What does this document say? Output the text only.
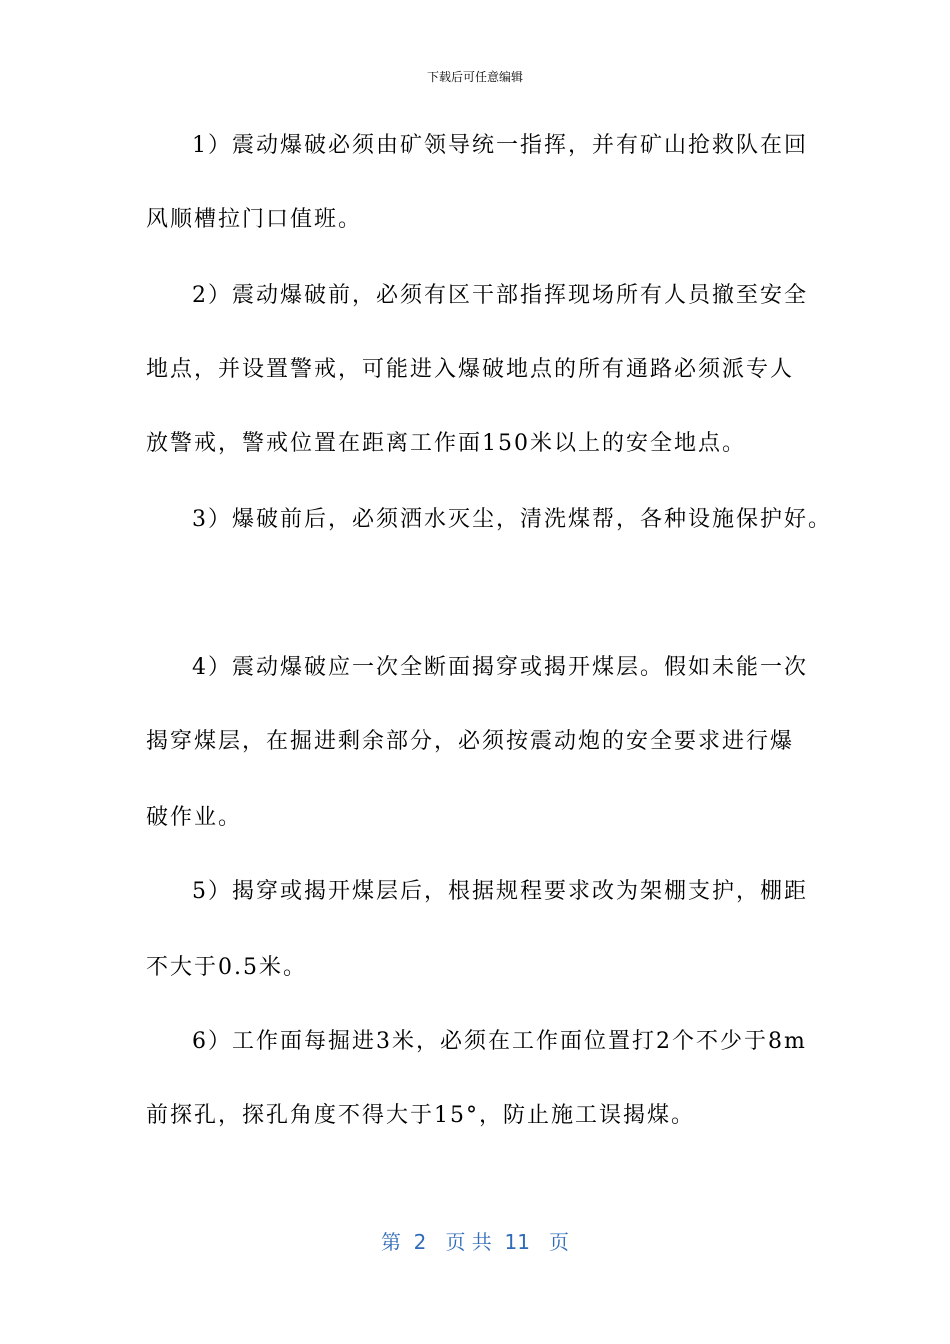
下载后可任意编辑

1）震动爆破必须由矿领导统一指挥，并有矿山抢救队在回

风顺槽拉门口值班。

2）震动爆破前，必须有区干部指挥现场所有人员撤至安全

地点，并设置警戒，可能进入爆破地点的所有通路必须派专人

放警戒，警戒位置在距离工作面150米以上的安全地点。

3）爆破前后，必须洒水灭尘，清洗煤帮，各种设施保护好。

4）震动爆破应一次全断面揭穿或揭开煤层。假如未能一次

揭穿煤层，在掘进剩余部分，必须按震动炮的安全要求进行爆

破作业。

5）揭穿或揭开煤层后，根据规程要求改为架棚支护，棚距

不大于0.5米。

6）工作面每掘进3米，必须在工作面位置打2个不少于8m

前探孔，探孔角度不得大于15°，防止施工误揭煤。

第  2   页 共  11   页
